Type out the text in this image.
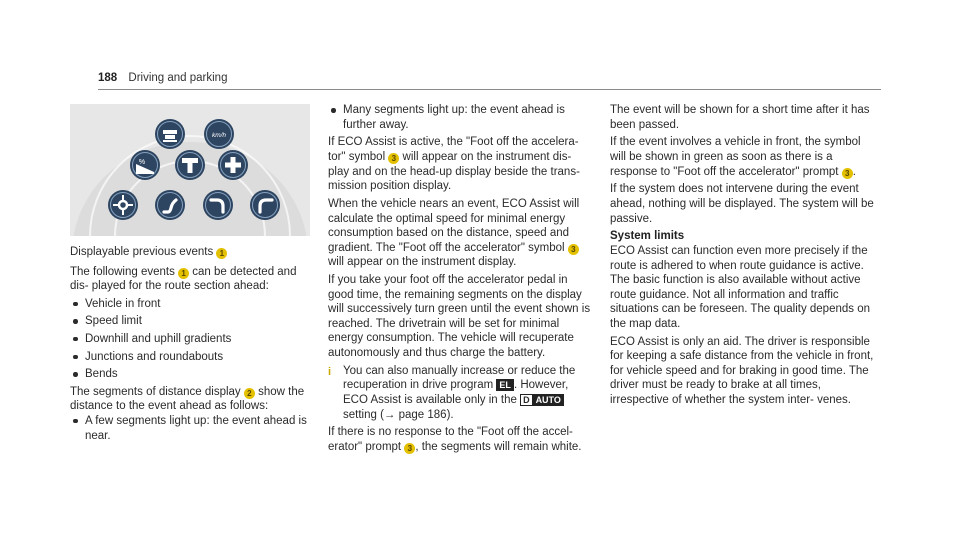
188 Driving and parking
km/h
%

Displayable previous events 1

The following events 1 can be detected and dis- played for the route section ahead:

Vehicle in front

Speed limit

Downhill and uphill gradients

Junctions and roundabouts

Bends

The segments of distance display 2 show the distance to the event ahead as follows:

A few segments light up: the event ahead is near.

Many segments light up: the event ahead is further away.

If ECO Assist is active, the "Foot off the accelera- tor" symbol 3 will appear on the instrument dis- play and on the head-up display beside the trans- mission position display.

When the vehicle nears an event, ECO Assist will calculate the optimal speed for minimal energy consumption based on the distance, speed and gradient. The "Foot off the accelerator" symbol 3 will appear on the instrument display.

If you take your foot off the accelerator pedal in good time, the remaining segments on the display will successively turn green until the event shown is reached. The drivetrain will be set for minimal energy consumption. The vehicle will recuperate autonomously and thus charge the battery.

i You can also manually increase or reduce the recuperation in drive program EL . However, ECO Assist is available only in the D AUTO setting (→ page 186).

If there is no response to the "Foot off the accel- erator" prompt 3 , the segments will remain white.

The event will be shown for a short time after it has been passed.

If the event involves a vehicle in front, the symbol will be shown in green as soon as there is a response to "Foot off the accelerator" prompt 3 .

If the system does not intervene during the event ahead, nothing will be displayed. The system will be passive.

System limits

ECO Assist can function even more precisely if the route is adhered to when route guidance is active. The basic function is also available without active route guidance. Not all information and traffic situations can be foreseen. The quality depends on the map data.

ECO Assist is only an aid. The driver is responsible for keeping a safe distance from the vehicle in front, for vehicle speed and for braking in good time. The driver must be ready to brake at all times, irrespective of whether the system inter- venes.
